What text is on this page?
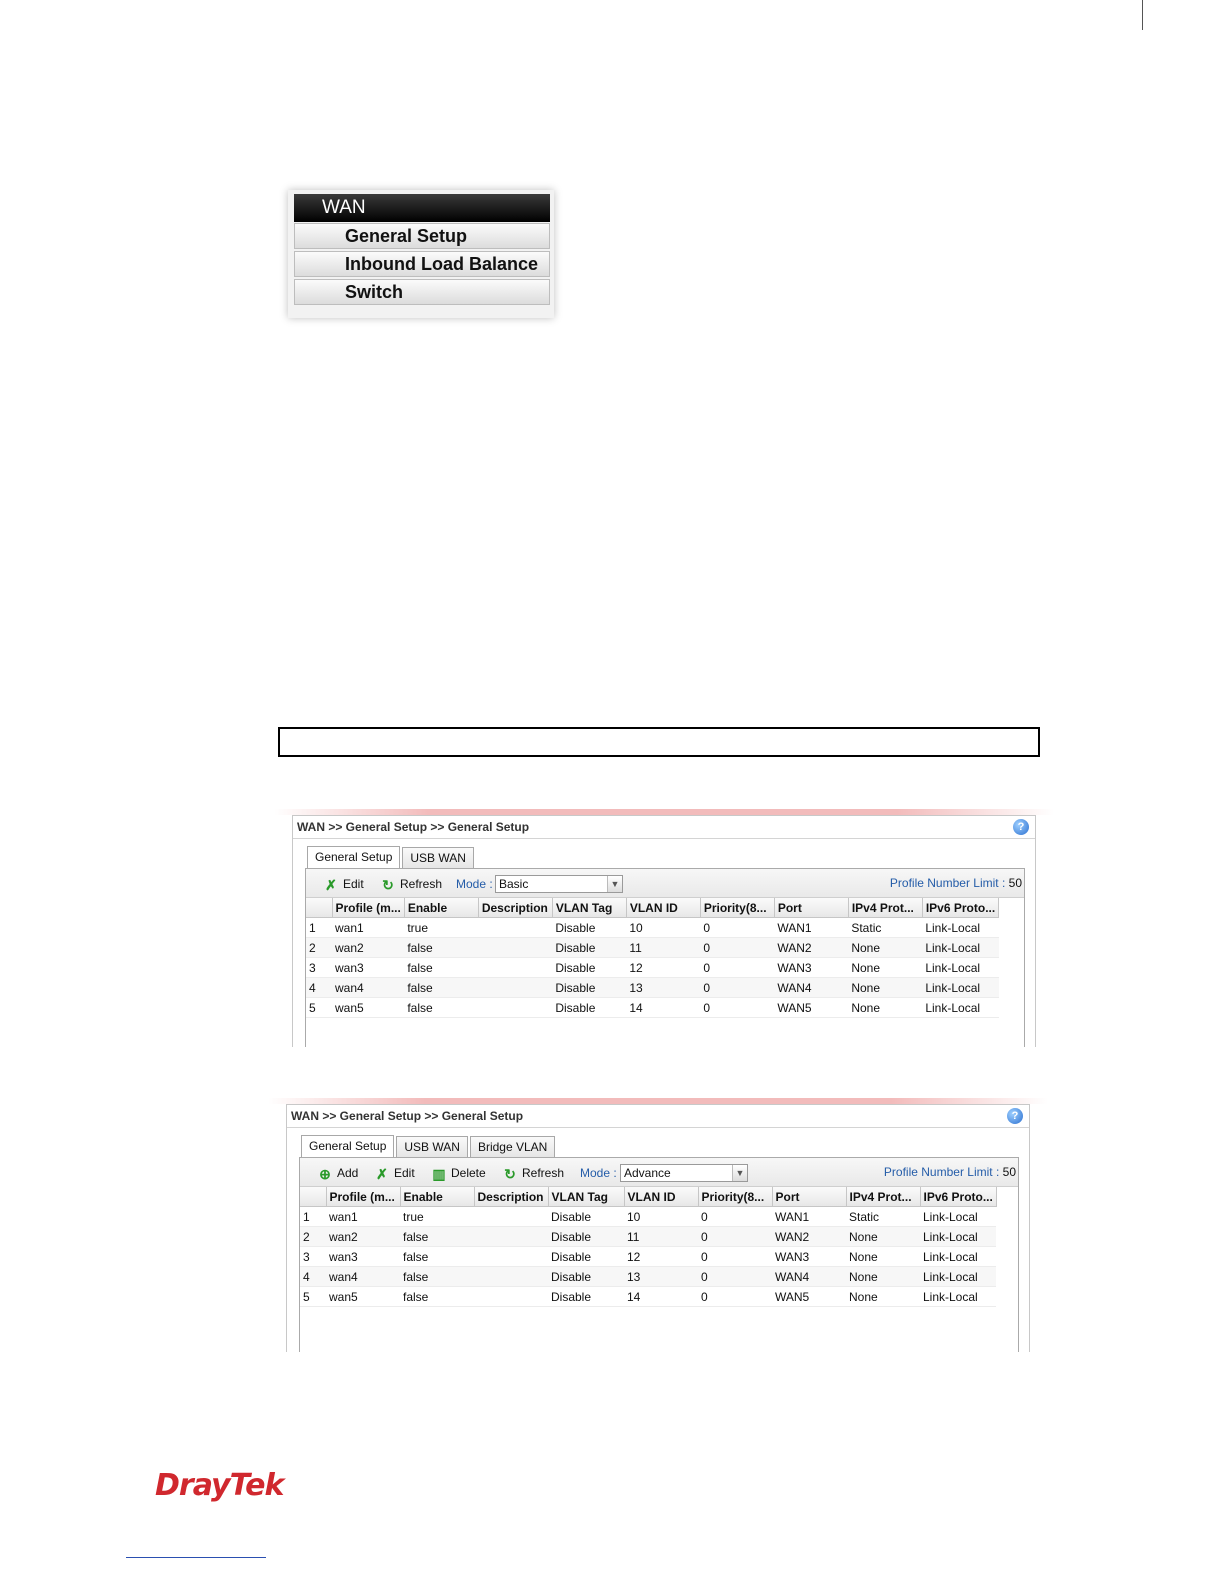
WAN
General Setup
Inbound Load Balance
Switch
WAN >> General Setup >> General Setup	?
General Setup	USB WAN
✗ Edit ↻ Refresh Mode : Basic	▼	Profile Number Limit : 50
	Profile (m...	Enable	Description	VLAN Tag	VLAN ID	Priority(8...	Port	IPv4 Prot...	IPv6 Proto...
1	wan1	true		Disable	10	0	WAN1	Static	Link-Local
2	wan2	false		Disable	11	0	WAN2	None	Link-Local
3	wan3	false		Disable	12	0	WAN3	None	Link-Local
4	wan4	false		Disable	13	0	WAN4	None	Link-Local
5	wan5	false		Disable	14	0	WAN5	None	Link-Local
WAN >> General Setup >> General Setup	?
General Setup	USB WAN	Bridge VLAN
⊕ Add ✗ Edit ▥ Delete ↻ Refresh Mode : Advance	▼	Profile Number Limit : 50
	Profile (m...	Enable	Description	VLAN Tag	VLAN ID	Priority(8...	Port	IPv4 Prot...	IPv6 Proto...
1	wan1	true		Disable	10	0	WAN1	Static	Link-Local
2	wan2	false		Disable	11	0	WAN2	None	Link-Local
3	wan3	false		Disable	12	0	WAN3	None	Link-Local
4	wan4	false		Disable	13	0	WAN4	None	Link-Local
5	wan5	false		Disable	14	0	WAN5	None	Link-Local
DrayTek
